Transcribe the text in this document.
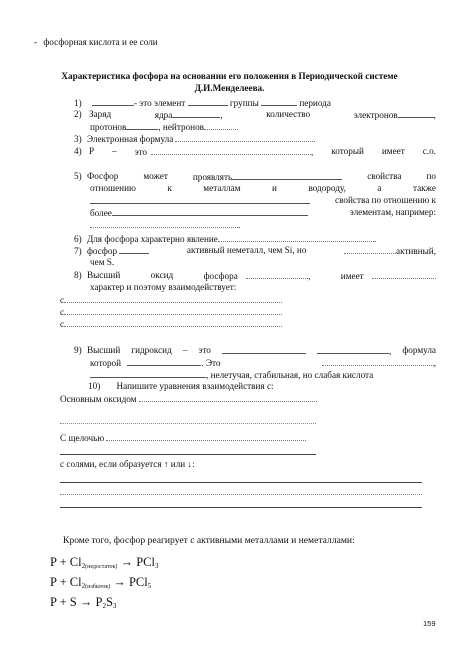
- фосфорная кислота и ее соли
Характеристика фосфора на основании его положения в Периодической системе
Д.И.Менделеева.
1)	- это элемент	группы	периода
2) Заряд	ядра	,	количество	электронов	,
протонов	, нейтронов
3) Электронная формула
4) Р – это	, который имеет с.о.
5) Фосфор	может	проявлять	свойства	по
отношению	к	металлам	и	водороду,	а	также
свойства по отношению к
более	элементам, например:
.
6) Для фосфора характерно явление	.
7) фосфор	активный неметалл, чем Si, но	активный,
чем S.
8) Высший	оксид	фосфора	,	имеет
характер и поэтому взаимодействует:
с
с
с
9) Высший гидроксид – это	, формула
которой	. Это	,
, нелетучая, стабильная, но слабая кислота
10) Напишите уравнения взаимодействия с:
Основным оксидом
С щелочью
с солями, если образуется ↑ или ↓:
Кроме того, фосфор реагирует с активными металлами и неметаллами:
$P + Cl_{2(недостаток)} \to PCl_3$
$P + Cl_{2(избыток)} \to PCl_5$
$P + S \to P_2S_3$
159
